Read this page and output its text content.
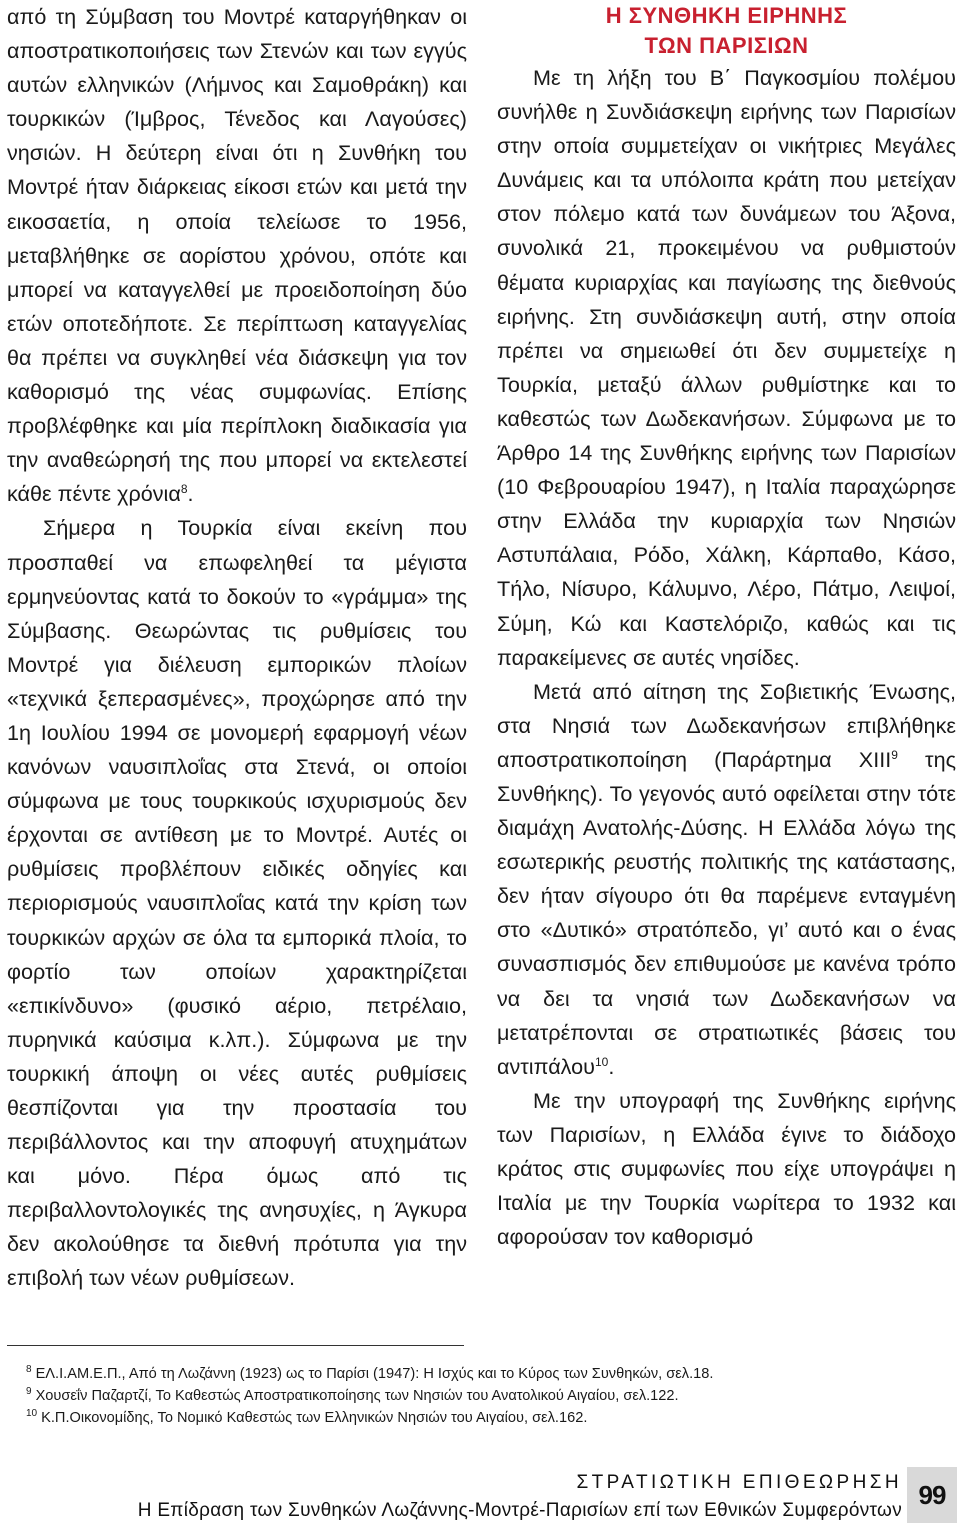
από τη Σύμβαση του Μοντρέ καταργήθηκαν οι αποστρατικοποιήσεις των Στενών και των εγγύς αυτών ελληνικών (Λήμνος και Σαμοθράκη) και τουρκικών (Ίμβρος, Τένεδος και Λαγούσες) νησιών. Η δεύτερη είναι ότι η Συνθήκη του Μοντρέ ήταν διάρκειας είκοσι ετών και μετά την εικοσαετία, η οποία τελείωσε το 1956, μεταβλήθηκε σε αορίστου χρόνου, οπότε και μπορεί να καταγγελθεί με προειδοποίηση δύο ετών οποτεδήποτε. Σε περίπτωση καταγγελίας θα πρέπει να συγκληθεί νέα διάσκεψη για τον καθορισμό της νέας συμφωνίας. Επίσης προβλέφθηκε και μία περίπλοκη διαδικασία για την αναθεώρησή της που μπορεί να εκτελεστεί κάθε πέντε χρόνια$^8$.

Σήμερα η Τουρκία είναι εκείνη που προσπαθεί να επωφεληθεί τα μέγιστα ερμηνεύοντας κατά το δοκούν το «γράμμα» της Σύμβασης. Θεωρώντας τις ρυθμίσεις του Μοντρέ για διέλευση εμπορικών πλοίων «τεχνικά ξεπερασμένες», προχώρησε από την 1η Ιουλίου 1994 σε μονομερή εφαρμογή νέων κανόνων ναυσιπλοΐας στα Στενά, οι οποίοι σύμφωνα με τους τουρκικούς ισχυρισμούς δεν έρχονται σε αντίθεση με το Μοντρέ. Αυτές οι ρυθμίσεις προβλέπουν ειδικές οδηγίες και περιορισμούς ναυσιπλοΐας κατά την κρίση των τουρκικών αρχών σε όλα τα εμπορικά πλοία, το φορτίο των οποίων χαρακτηρίζεται «επικίνδυνο» (φυσικό αέριο, πετρέλαιο, πυρηνικά καύσιμα κ.λπ.). Σύμφωνα με την τουρκική άποψη οι νέες αυτές ρυθμίσεις θεσπίζονται για την προστασία του περιβάλλοντος και την αποφυγή ατυχημάτων και μόνο. Πέρα όμως από τις περιβαλλοντολογικές της ανησυχίες, η Άγκυρα δεν ακολούθησε τα διεθνή πρότυπα για την επιβολή των νέων ρυθμίσεων.

Η ΣΥΝΘΗΚΗ ΕΙΡΗΝΗΣ
ΤΩΝ ΠΑΡΙΣΙΩΝ

Με τη λήξη του Β΄ Παγκοσμίου πολέμου συνήλθε η Συνδιάσκεψη ειρήνης των Παρισίων στην οποία συμμετείχαν οι νικήτριες Μεγάλες Δυνάμεις και τα υπόλοιπα κράτη που μετείχαν στον πόλεμο κατά των δυνάμεων του Άξονα, συνολικά 21, προκειμένου να ρυθμιστούν θέματα κυριαρχίας και παγίωσης της διεθνούς ειρήνης. Στη συνδιάσκεψη αυτή, στην οποία πρέπει να σημειωθεί ότι δεν συμμετείχε η Τουρκία, μεταξύ άλλων ρυθμίστηκε και το καθεστώς των Δωδεκανήσων. Σύμφωνα με το Άρθρο 14 της Συνθήκης ειρήνης των Παρισίων (10 Φεβρουαρίου 1947), η Ιταλία παραχώρησε στην Ελλάδα την κυριαρχία των Νησιών Αστυπάλαια, Ρόδο, Χάλκη, Κάρπαθο, Κάσο, Τήλο, Νίσυρο, Κάλυμνο, Λέρο, Πάτμο, Λειψοί, Σύμη, Κώ και Καστελόριζο, καθώς και τις παρακείμενες σε αυτές νησίδες.

Μετά από αίτηση της Σοβιετικής Ένωσης, στα Νησιά των Δωδεκανήσων επιβλήθηκε αποστρατικοποίηση (Παράρτημα XIII$^9$ της Συνθήκης). Το γεγονός αυτό οφείλεται στην τότε διαμάχη Ανατολής-Δύσης. Η Ελλάδα λόγω της εσωτερικής ρευστής πολιτικής της κατάστασης, δεν ήταν σίγουρο ότι θα παρέμενε ενταγμένη στο «Δυτικό» στρατόπεδο, γι’ αυτό και ο ένας συνασπισμός δεν επιθυμούσε με κανένα τρόπο να δει τα νησιά των Δωδεκανήσων να μετατρέπονται σε στρατιωτικές βάσεις του αντιπάλου$^{10}$.

Με την υπογραφή της Συνθήκης ειρήνης των Παρισίων, η Ελλάδα έγινε το διάδοχο κράτος στις συμφωνίες που είχε υπογράψει η Ιταλία με την Τουρκία νωρίτερα το 1932 και αφορούσαν τον καθορισμό

$^8$ ΕΛ.Ι.ΑΜ.Ε.Π., Από τη Λωζάννη (1923) ως το Παρίσι (1947): Η Ισχύς και το Κύρος των Συνθηκών, σελ.18.
$^9$ Χουσεΐν Παζαρτζί, Το Καθεστώς Αποστρατικοποίησης των Νησιών του Ανατολικού Αιγαίου, σελ.122.
$^{10}$ Κ.Π.Οικονομίδης, Το Νομικό Καθεστώς των Ελληνικών Νησιών του Αιγαίου, σελ.162.
ΣΤΡΑΤΙΩΤΙΚΗ ΕΠΙΘΕΩΡΗΣΗ
Η Επίδραση των Συνθηκών Λωζάννης-Μοντρέ-Παρισίων επί των Εθνικών Συμφερόντων
99
